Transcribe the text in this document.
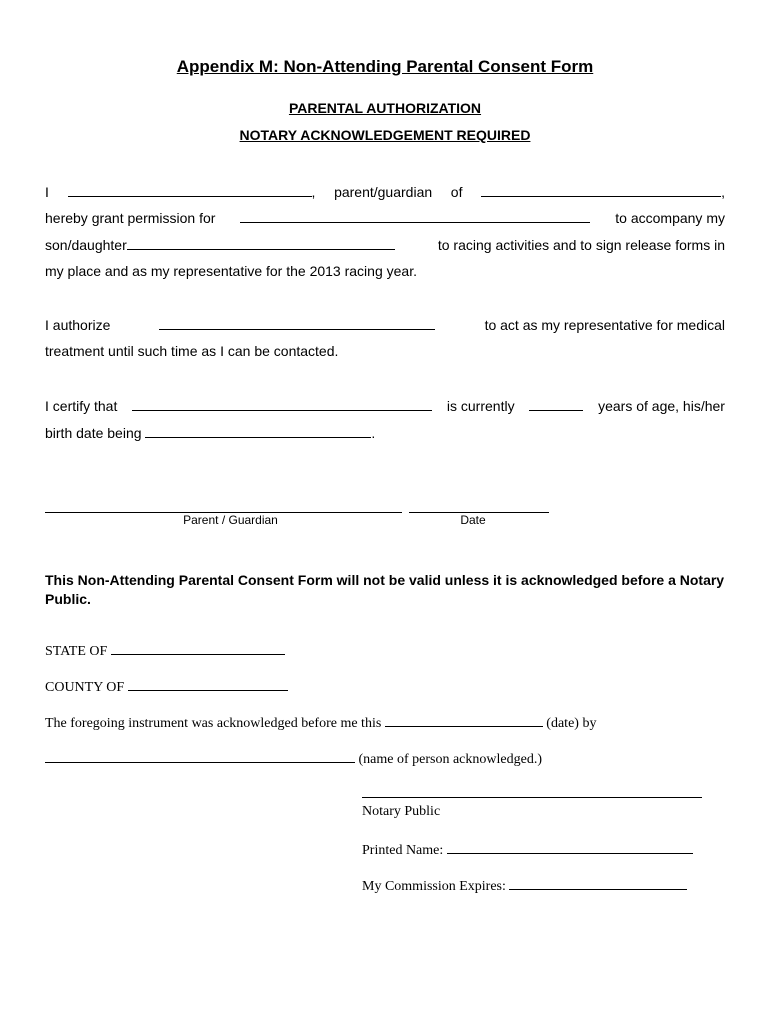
Appendix M: Non-Attending Parental Consent Form
PARENTAL AUTHORIZATION
NOTARY ACKNOWLEDGEMENT REQUIRED
I	, parent/guardian of	,
hereby grant permission for	to accompany my
son/daughter	to racing activities and to sign release forms in
my place and as my representative for the 2013 racing year.
I authorize	to act as my representative for medical
treatment until such time as I can be contacted.
I certify that	is currently	years of age, his/her
birth date being	.
Parent / Guardian	Date
This Non-Attending Parental Consent Form will not be valid unless it is acknowledged before a Notary Public.
STATE OF
COUNTY OF
The foregoing instrument was acknowledged before me this	(date) by
(name of person acknowledged.)
Notary Public
Printed Name:
My Commission Expires:
